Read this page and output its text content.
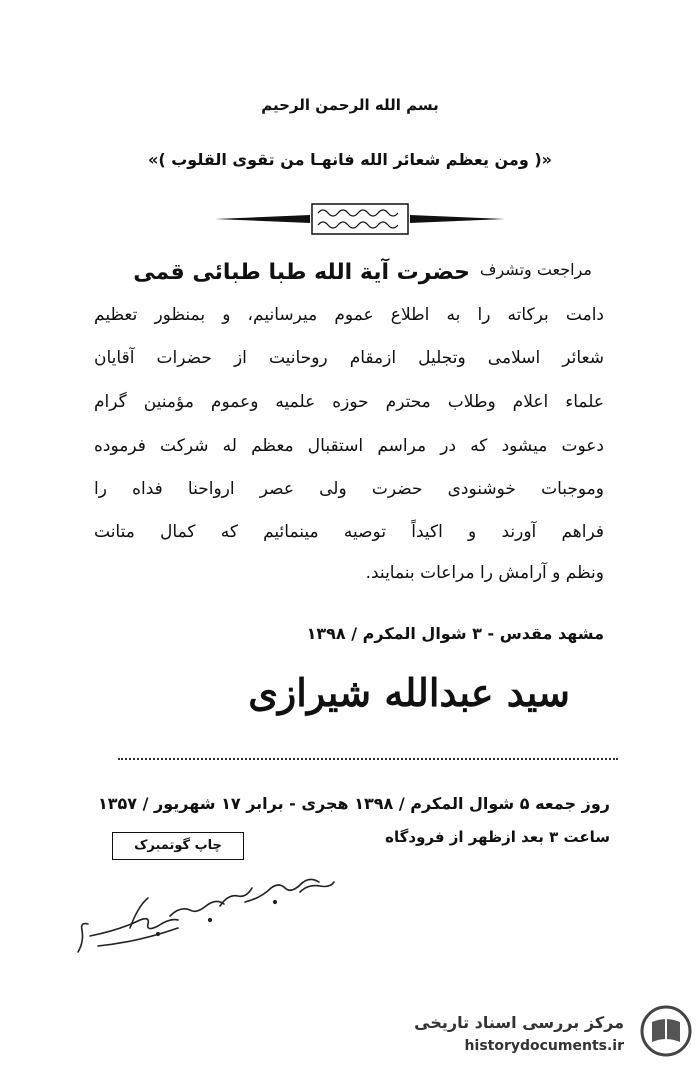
بسم الله الرحمن الرحیم
«( ومن یعظم شعائر الله فانهـا من تقوی القلوب )»
مراجعت وتشرف
حضرت آیة الله طبا طبائی قمی
دامت برکاته را به اطلاع عموم میرسانیم، و بمنظور تعظیم
شعائر اسلامی وتجلیل ازمقام روحانیت از حضرات آقایان
علماء اعلام وطلاب محترم حوزه علمیه وعموم مؤمنین گرام
دعوت میشود که در مراسم استقبال معظم له شرکت فرموده
وموجبات خوشنودی حضرت ولی عصر ارواحنا فداه را
فراهم آورند و اکیداً توصیه مینمائیم که کمال متانت
ونظم و آرامش را مراعات بنمایند.
مشهد مقدس - ۳ شوال المکرم / ۱۳۹۸
سید عبدالله شیرازی
روز جمعه ۵ شوال المکرم / ۱۳۹۸ هجری - برابر ۱۷ شهریور / ۱۳۵۷
ساعت ۳ بعد ازظهر از فرودگاه
چاپ گوتمبرک
مرکز بررسی اسناد تاریخی
historydocuments.ir
